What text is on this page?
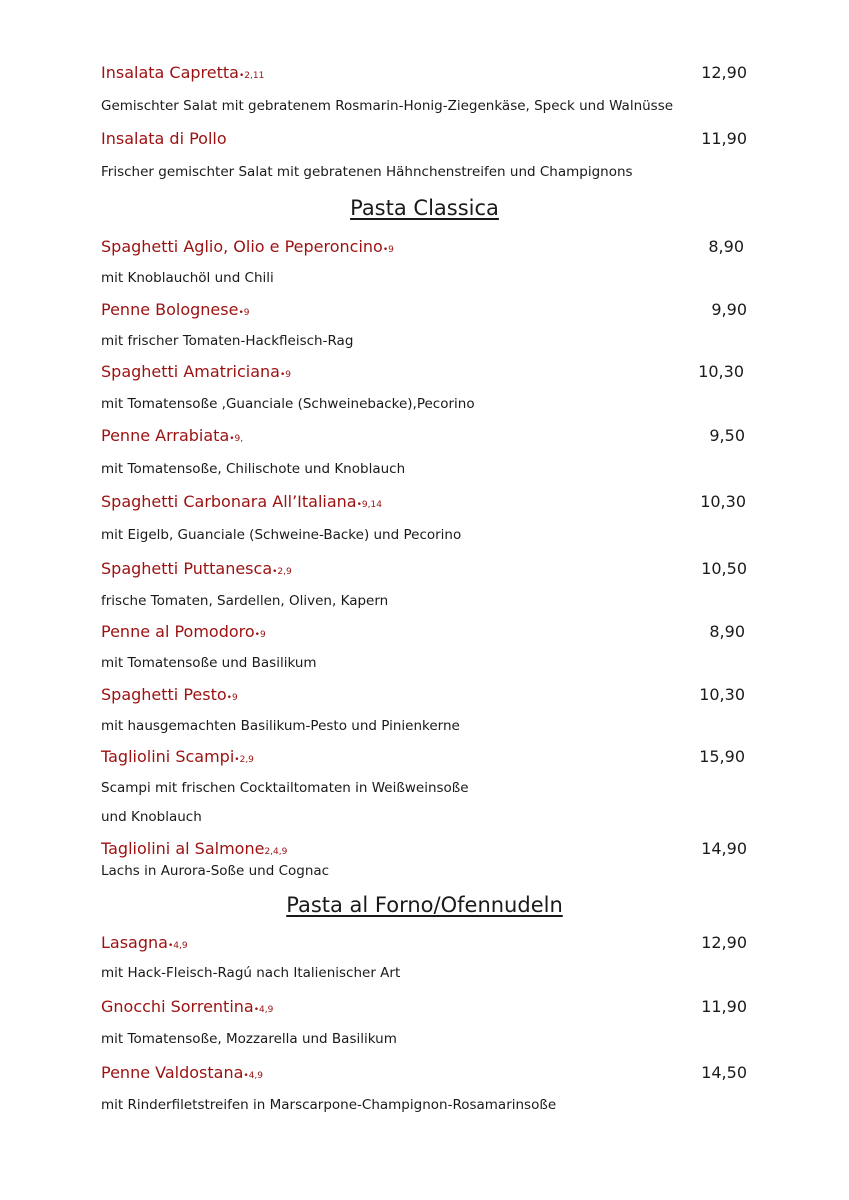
Pasta Classica
Pasta al Forno/Ofennudeln
Insalata Capretta•2,11	12,90
Gemischter Salat mit gebratenem Rosmarin-Honig-Ziegenkäse, Speck und Walnüsse
Insalata di Pollo	11,90
Frischer gemischter Salat mit gebratenen Hähnchenstreifen und Champignons
Spaghetti Aglio, Olio e Peperoncino•9	8,90
mit Knoblauchöl und Chili
Penne Bolognese•9	9,90
mit frischer Tomaten-Hackfleisch-Rag
Spaghetti Amatriciana•9	10,30
mit Tomatensoße ,Guanciale (Schweinebacke),Pecorino
Penne Arrabiata•9,	9,50
mit Tomatensoße, Chilischote und Knoblauch
Spaghetti Carbonara All’Italiana•9,14	10,30
mit Eigelb, Guanciale (Schweine-Backe) und Pecorino
Spaghetti Puttanesca•2,9	10,50
frische Tomaten, Sardellen, Oliven, Kapern
Penne al Pomodoro•9	8,90
mit Tomatensoße und Basilikum
Spaghetti Pesto•9	10,30
mit hausgemachten Basilikum-Pesto und Pinienkerne
Tagliolini Scampi•2,9	15,90
Scampi mit frischen Cocktailtomaten in Weißweinsoße
und Knoblauch
Tagliolini al Salmone2,4,9	14,90
Lachs in Aurora-Soße und Cognac
Lasagna•4,9	12,90
mit Hack-Fleisch-Ragú nach Italienischer Art
Gnocchi Sorrentina•4,9	11,90
mit Tomatensoße, Mozzarella und Basilikum
Penne Valdostana•4,9	14,50
mit Rinderfiletstreifen in Marscarpone-Champignon-Rosamarinsoße
